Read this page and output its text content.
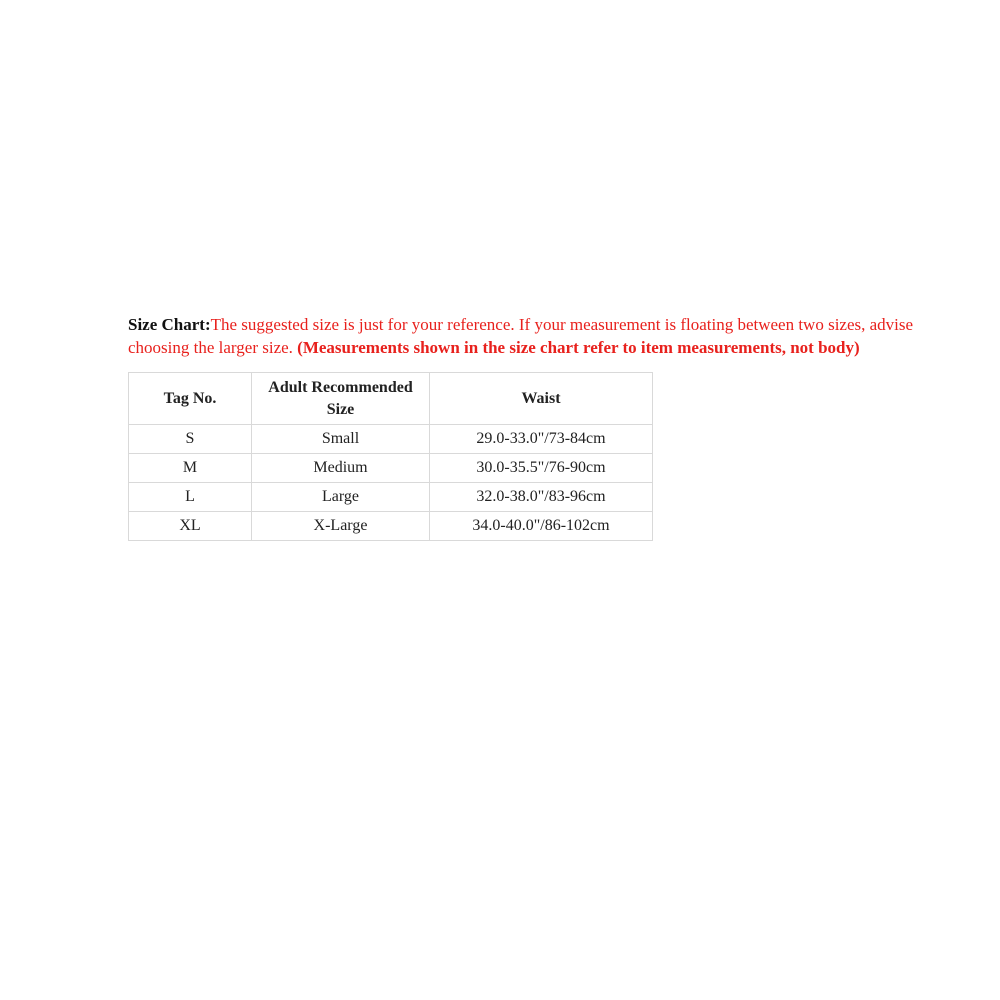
Size Chart:The suggested size is just for your reference. If your measurement is floating between two sizes, advise choosing the larger size. (Measurements shown in the size chart refer to item measurements, not body)

Tag No.	Adult Recommended Size	Waist
S	Small	29.0-33.0"/73-84cm
M	Medium	30.0-35.5"/76-90cm
L	Large	32.0-38.0"/83-96cm
XL	X-Large	34.0-40.0"/86-102cm
